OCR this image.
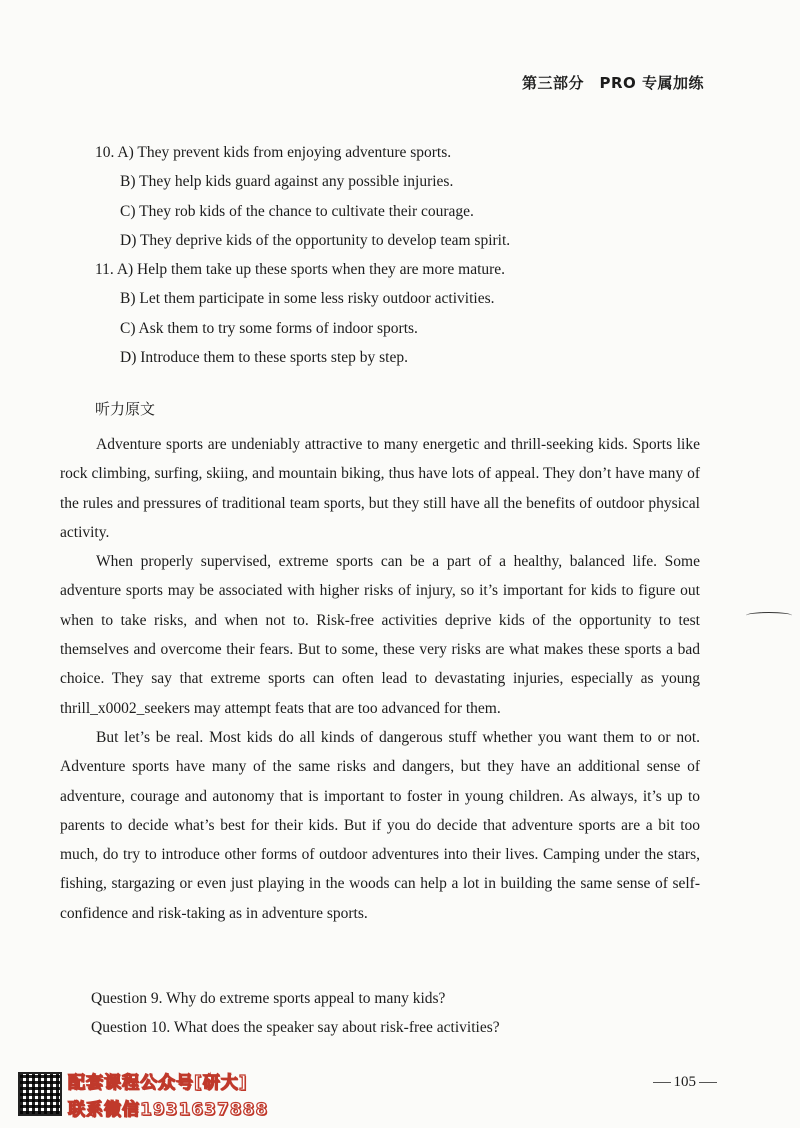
第三部分　PRO 专属加练
10. A) They prevent kids from enjoying adventure sports.
B) They help kids guard against any possible injuries.
C) They rob kids of the chance to cultivate their courage.
D) They deprive kids of the opportunity to develop team spirit.
11. A) Help them take up these sports when they are more mature.
B) Let them participate in some less risky outdoor activities.
C) Ask them to try some forms of indoor sports.
D) Introduce them to these sports step by step.
听力原文

Adventure sports are undeniably attractive to many energetic and thrill-seeking kids. Sports like rock climbing, surfing, skiing, and mountain biking, thus have lots of appeal. They don’t have many of the rules and pressures of traditional team sports, but they still have all the benefits of outdoor physical activity.

When properly supervised, extreme sports can be a part of a healthy, balanced life. Some adventure sports may be associated with higher risks of injury, so it’s important for kids to figure out when to take risks, and when not to. Risk-free activities deprive kids of the opportunity to test themselves and overcome their fears. But to some, these very risks are what makes these sports a bad choice. They say that extreme sports can often lead to devastating injuries, especially as young thrill_x0002_seekers may attempt feats that are too advanced for them.

But let’s be real. Most kids do all kinds of dangerous stuff whether you want them to or not. Adventure sports have many of the same risks and dangers, but they have an additional sense of adventure, courage and autonomy that is important to foster in young children. As always, it’s up to parents to decide what’s best for their kids. But if you do decide that adventure sports are a bit too much, do try to introduce other forms of outdoor adventures into their lives. Camping under the stars, fishing, stargazing or even just playing in the woods can help a lot in building the same sense of self-confidence and risk-taking as in adventure sports.

Question 9. Why do extreme sports appeal to many kids?
Question 10. What does the speaker say about risk-free activities?
配套课程公众号[研大]
联系微信1931637888
105
